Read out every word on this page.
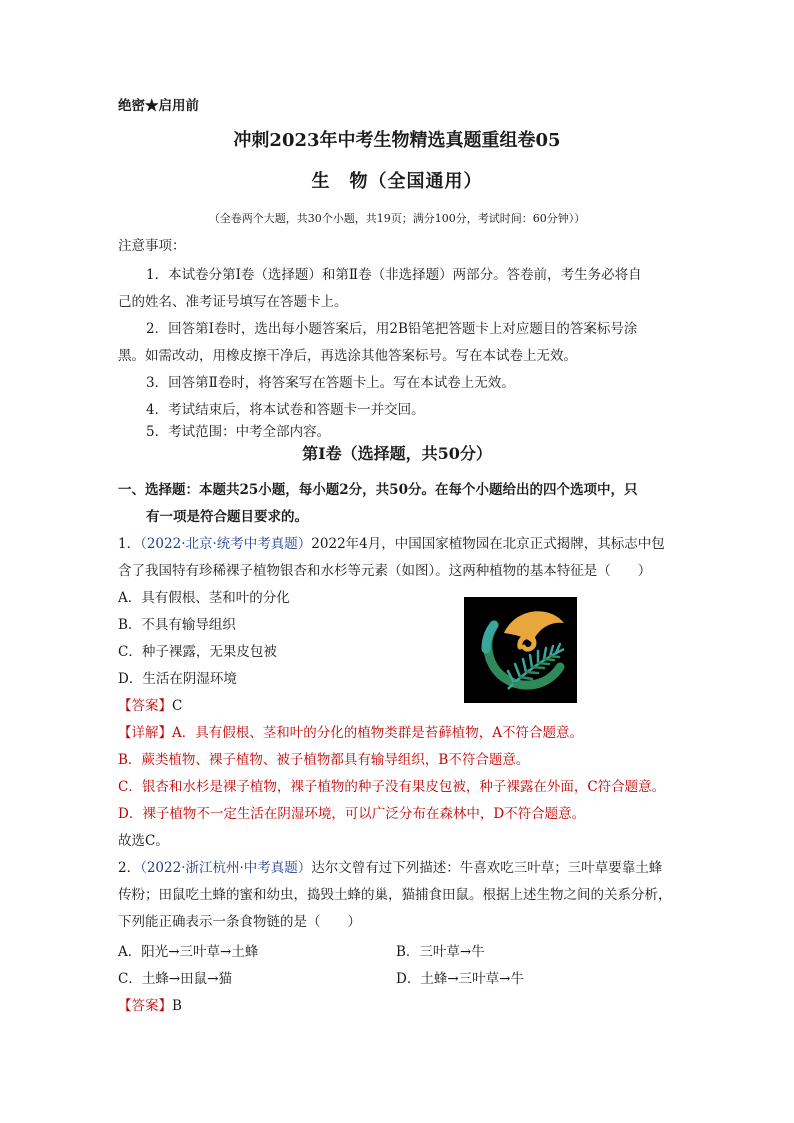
绝密★启用前
冲刺2023年中考生物精选真题重组卷05
生　物（全国通用）
（全卷两个大题，共30个小题，共19页；满分100分，考试时间：60分钟））
注意事项：
1．本试卷分第Ⅰ卷（选择题）和第Ⅱ卷（非选择题）两部分。答卷前，考生务必将自
己的姓名、准考证号填写在答题卡上。
2．回答第Ⅰ卷时，选出每小题答案后，用2B铅笔把答题卡上对应题目的答案标号涂
黑。如需改动，用橡皮擦干净后，再选涂其他答案标号。写在本试卷上无效。
3．回答第Ⅱ卷时，将答案写在答题卡上。写在本试卷上无效。
4．考试结束后，将本试卷和答题卡一并交回。
5．考试范围：中考全部内容。
第Ⅰ卷（选择题，共50分）
一、选择题：本题共25小题，每小题2分，共50分。在每个小题给出的四个选项中，只
有一项是符合题目要求的。
1．（2022·北京·统考中考真题）2022年4月，中国国家植物园在北京正式揭牌，其标志中包
含了我国特有珍稀裸子植物银杏和水杉等元素（如图）。这两种植物的基本特征是（　　）
A．具有假根、茎和叶的分化
B．不具有输导组织
C．种子裸露，无果皮包被
D．生活在阴湿环境
【答案】C
【详解】A．具有假根、茎和叶的分化的植物类群是苔藓植物，A不符合题意。
B．蕨类植物、裸子植物、被子植物都具有输导组织，B不符合题意。
C．银杏和水杉是裸子植物，裸子植物的种子没有果皮包被，种子裸露在外面，C符合题意。
D．裸子植物不一定生活在阴湿环境，可以广泛分布在森林中，D不符合题意。
故选C。
2．（2022·浙江杭州·中考真题）达尔文曾有过下列描述：牛喜欢吃三叶草；三叶草要靠土蜂
传粉；田鼠吃土蜂的蜜和幼虫，捣毁土蜂的巢，猫捕食田鼠。根据上述生物之间的关系分析，
下列能正确表示一条食物链的是（　　）
A．阳光→三叶草→土蜂	B．三叶草→牛
C．土蜂→田鼠→猫	D．土蜂→三叶草→牛
【答案】B
